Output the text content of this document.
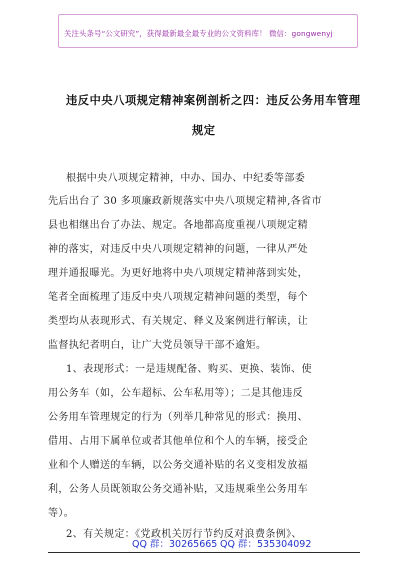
关注头条号“公文研究”，获得最新最全最专业的公文资料库！ 微信：gongwenyj
违反中央八项规定精神案例剖析之四：违反公务用车管理
规定
根据中央八项规定精神，中办、国办、中纪委等部委
先后出台了 30 多项廉政新规落实中央八项规定精神,各省市
县也相继出台了办法、规定。各地都高度重视八项规定精
神的落实，对违反中央八项规定精神的问题，一律从严处
理并通报曝光。为更好地将中央八项规定精神落到实处，
笔者全面梳理了违反中央八项规定精神问题的类型，每个
类型均从表现形式、有关规定、释义及案例进行解读，让
监督执纪者明白，让广大党员领导干部不逾矩。
1、表现形式：一是违规配备、购买、更换、装饰、使
用公务车（如，公车超标、公车私用等）；二是其他违反
公务用车管理规定的行为（列举几种常见的形式：换用、
借用、占用下属单位或者其他单位和个人的车辆，接受企
业和个人赠送的车辆，以公务交通补贴的名义变相发放福
利，公务人员既领取公务交通补贴，又违规乘坐公务用车
等）。
2、有关规定：《党政机关厉行节约反对浪费条例》、
QQ 群：30265665 QQ 群：535304092
